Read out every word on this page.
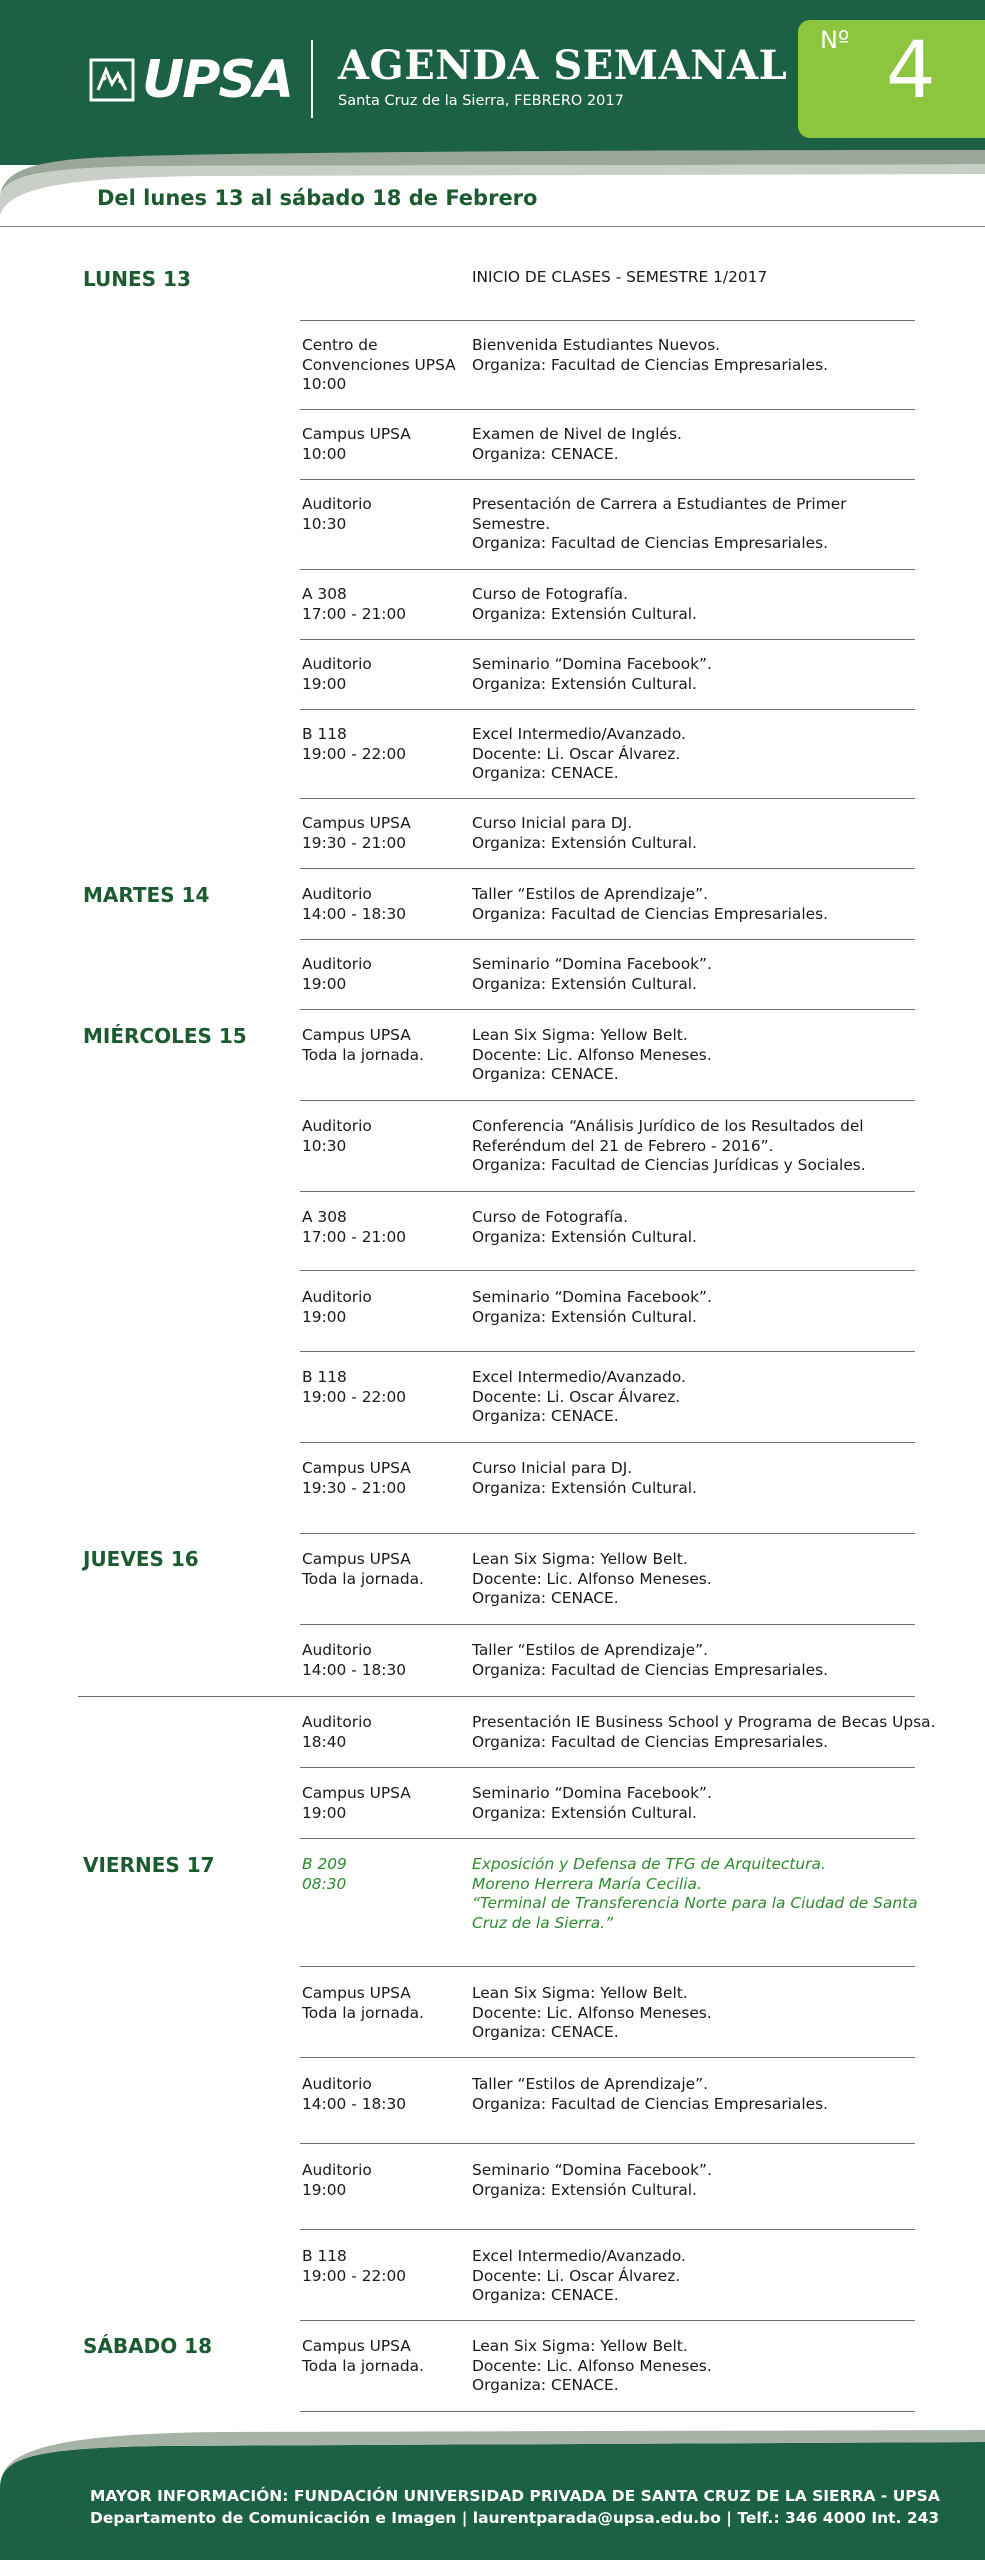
UPSA AGENDA SEMANAL
Santa Cruz de la Sierra, FEBRERO 2017
Nº 4
Del lunes 13 al sábado 18 de Febrero
LUNES 13
MARTES 14
MIÉRCOLES 15
JUEVES 16
VIERNES 17
SÁBADO 18
INICIO DE CLASES - SEMESTRE 1/2017
Centro de
Convenciones UPSA
10:00
Bienvenida Estudiantes Nuevos.
Organiza: Facultad de Ciencias Empresariales.
Campus UPSA
10:00
Examen de Nivel de Inglés.
Organiza: CENACE.
Auditorio
10:30
Presentación de Carrera a Estudiantes de Primer
Semestre.
Organiza: Facultad de Ciencias Empresariales.
A 308
17:00 - 21:00
Curso de Fotografía.
Organiza: Extensión Cultural.
Auditorio
19:00
Seminario “Domina Facebook”.
Organiza: Extensión Cultural.
B 118
19:00 - 22:00
Excel Intermedio/Avanzado.
Docente: Li. Oscar Álvarez.
Organiza: CENACE.
Campus UPSA
19:30 - 21:00
Curso Inicial para DJ.
Organiza: Extensión Cultural.
Auditorio
14:00 - 18:30
Taller “Estilos de Aprendizaje”.
Organiza: Facultad de Ciencias Empresariales.
Auditorio
19:00
Seminario “Domina Facebook”.
Organiza: Extensión Cultural.
Campus UPSA
Toda la jornada.
Lean Six Sigma: Yellow Belt.
Docente: Lic. Alfonso Meneses.
Organiza: CENACE.
Auditorio
10:30
Conferencia “Análisis Jurídico de los Resultados del
Referéndum del 21 de Febrero - 2016”.
Organiza: Facultad de Ciencias Jurídicas y Sociales.
A 308
17:00 - 21:00
Curso de Fotografía.
Organiza: Extensión Cultural.
Auditorio
19:00
Seminario “Domina Facebook”.
Organiza: Extensión Cultural.
B 118
19:00 - 22:00
Excel Intermedio/Avanzado.
Docente: Li. Oscar Álvarez.
Organiza: CENACE.
Campus UPSA
19:30 - 21:00
Curso Inicial para DJ.
Organiza: Extensión Cultural.
Campus UPSA
Toda la jornada.
Lean Six Sigma: Yellow Belt.
Docente: Lic. Alfonso Meneses.
Organiza: CENACE.
Auditorio
14:00 - 18:30
Taller “Estilos de Aprendizaje”.
Organiza: Facultad de Ciencias Empresariales.
Auditorio
18:40
Presentación IE Business School y Programa de Becas Upsa.
Organiza: Facultad de Ciencias Empresariales.
Campus UPSA
19:00
Seminario “Domina Facebook”.
Organiza: Extensión Cultural.
B 209
08:30
Exposición y Defensa de TFG de Arquitectura.
Moreno Herrera María Cecilia.
“Terminal de Transferencia Norte para la Ciudad de Santa
Cruz de la Sierra.”
Campus UPSA
Toda la jornada.
Lean Six Sigma: Yellow Belt.
Docente: Lic. Alfonso Meneses.
Organiza: CENACE.
Auditorio
14:00 - 18:30
Taller “Estilos de Aprendizaje”.
Organiza: Facultad de Ciencias Empresariales.
Auditorio
19:00
Seminario “Domina Facebook”.
Organiza: Extensión Cultural.
B 118
19:00 - 22:00
Excel Intermedio/Avanzado.
Docente: Li. Oscar Álvarez.
Organiza: CENACE.
Campus UPSA
Toda la jornada.
Lean Six Sigma: Yellow Belt.
Docente: Lic. Alfonso Meneses.
Organiza: CENACE.
MAYOR INFORMACIÓN: FUNDACIÓN UNIVERSIDAD PRIVADA DE SANTA CRUZ DE LA SIERRA - UPSA
Departamento de Comunicación e Imagen | laurentparada@upsa.edu.bo | Telf.: 346 4000 Int. 243
